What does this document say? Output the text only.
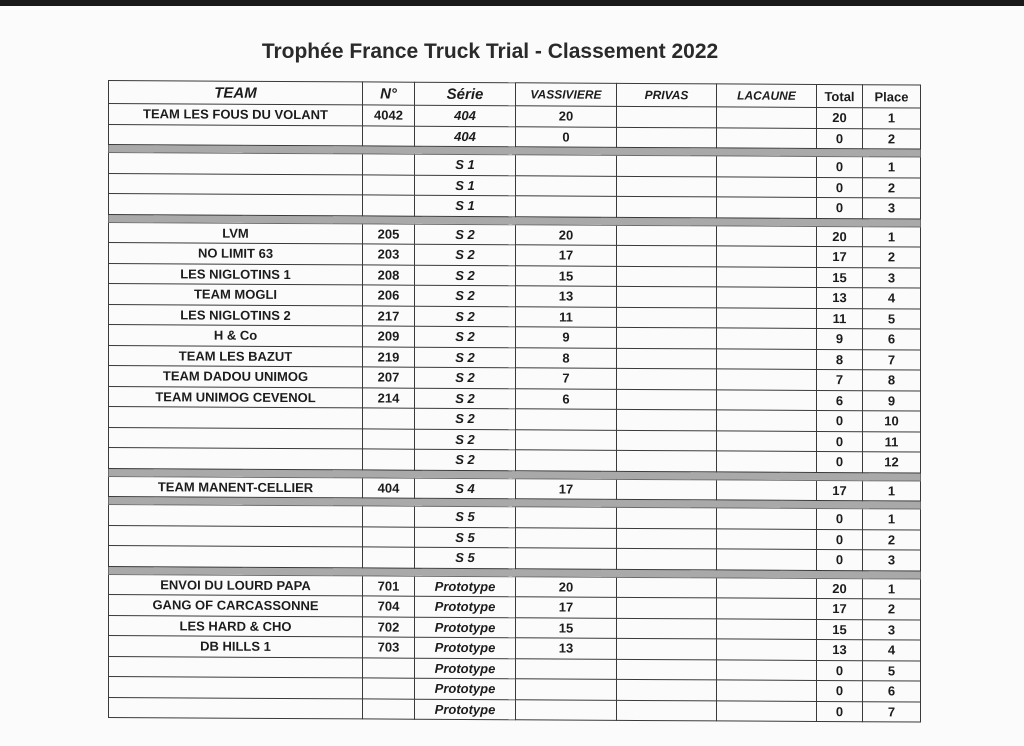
Trophée France Truck Trial - Classement 2022
TEAM	N°	Série	VASSIVIERE	PRIVAS	LACAUNE	Total	Place
TEAM LES FOUS DU VOLANT	4042	404	20			20	1
		404	0			0	2

		S 1				0	1
		S 1				0	2
		S 1				0	3

LVM	205	S 2	20			20	1
NO LIMIT 63	203	S 2	17			17	2
LES NIGLOTINS 1	208	S 2	15			15	3
TEAM MOGLI	206	S 2	13			13	4
LES NIGLOTINS 2	217	S 2	11			11	5
H & Co	209	S 2	9			9	6
TEAM LES BAZUT	219	S 2	8			8	7
TEAM DADOU UNIMOG	207	S 2	7			7	8
TEAM UNIMOG CEVENOL	214	S 2	6			6	9
		S 2				0	10
		S 2				0	11
		S 2				0	12

TEAM MANENT-CELLIER	404	S 4	17			17	1

		S 5				0	1
		S 5				0	2
		S 5				0	3

ENVOI DU LOURD PAPA	701	Prototype	20			20	1
GANG OF CARCASSONNE	704	Prototype	17			17	2
LES HARD & CHO	702	Prototype	15			15	3
DB HILLS 1	703	Prototype	13			13	4
		Prototype				0	5
		Prototype				0	6
		Prototype				0	7
